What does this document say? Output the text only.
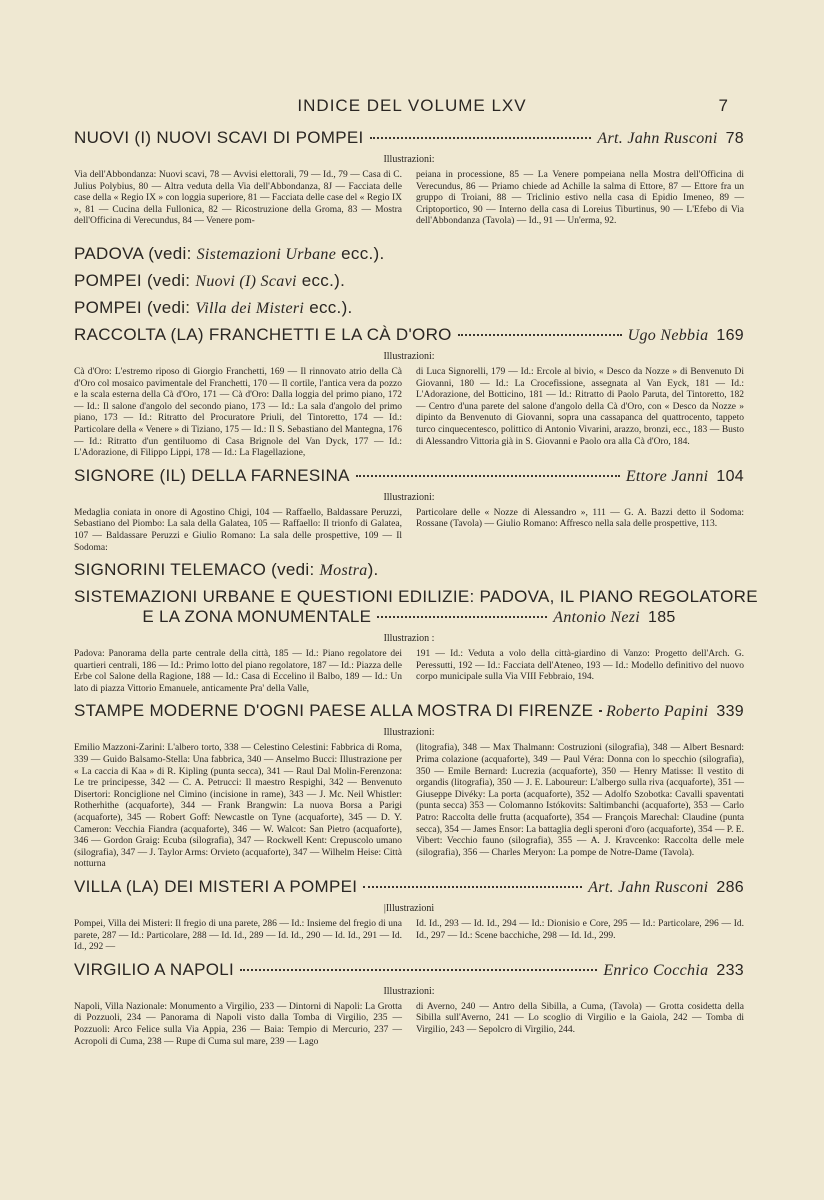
INDICE DEL VOLUME LXV	7
NUOVI (I) NUOVI SCAVI DI POMPEI	Art. Jahn Rusconi 78
Illustrazioni:
Via dell'Abbondanza: Nuovi scavi, 78 — Avvisi elettorali, 79 — Id., 79 — Casa di C. Julius Polybius, 80 — Altra veduta della Via dell'Abbondanza, 8J — Facciata delle case della « Regio IX » con loggia superiore, 81 — Facciata delle case del « Regio IX », 81 — Cucina della Fullonica, 82 — Ricostruzione della Groma, 83 — Mostra dell'Officina di Verecundus, 84 — Venere pom-
peiana in processione, 85 — La Venere pompeiana nella Mostra dell'Officina di Verecundus, 86 — Priamo chiede ad Achille la salma di Ettore, 87 — Ettore fra un gruppo di Troiani, 88 — Triclinio estivo nella casa di Epidio Imeneo, 89 — Criptoportico, 90 — Interno della casa di Loreius Tiburtinus, 90 — L'Efebo di Via dell'Abbondanza (Tavola) — Id., 91 — Un'erma, 92.
PADOVA (vedi: Sistemazioni Urbane ecc.).
POMPEI (vedi: Nuovi (I) Scavi ecc.).
POMPEI (vedi: Villa dei Misteri ecc.).
RACCOLTA (LA) FRANCHETTI E LA CÀ D'ORO	Ugo Nebbia 169
Illustrazioni:
Cà d'Oro: L'estremo riposo di Giorgio Franchetti, 169 — Il rinnovato atrio della Cà d'Oro col mosaico pavimentale del Franchetti, 170 — Il cortile, l'antica vera da pozzo e la scala esterna della Cà d'Oro, 171 — Cà d'Oro: Dalla loggia del primo piano, 172 — Id.: Il salone d'angolo del secondo piano, 173 — Id.: La sala d'angolo del primo piano, 173 — Id.: Ritratto del Procuratore Priuli, del Tintoretto, 174 — Id.: Particolare della « Venere » di Tiziano, 175 — Id.: Il S. Sebastiano del Mantegna, 176 — Id.: Ritratto d'un gentiluomo di Casa Brignole del Van Dyck, 177 — Id.: L'Adorazione, di Filippo Lippi, 178 — Id.: La Flagellazione,
di Luca Signorelli, 179 — Id.: Ercole al bivio, « Desco da Nozze » di Benvenuto Di Giovanni, 180 — Id.: La Crocefissione, assegnata al Van Eyck, 181 — Id.: L'Adorazione, del Botticino, 181 — Id.: Ritratto di Paolo Paruta, del Tintoretto, 182 — Centro d'una parete del salone d'angolo della Cà d'Oro, con « Desco da Nozze » dipinto da Benvenuto di Giovanni, sopra una cassapanca del quattrocento, tappeto turco cinquecentesco, polittico di Antonio Vivarini, arazzo, bronzi, ecc., 183 — Busto di Alessandro Vittoria già in S. Giovanni e Paolo ora alla Cà d'Oro, 184.
SIGNORE (IL) DELLA FARNESINA	Ettore Janni 104
Illustrazioni:
Medaglia coniata in onore di Agostino Chigi, 104 — Raffaello, Baldassare Peruzzi, Sebastiano del Piombo: La sala della Galatea, 105 — Raffaello: Il trionfo di Galatea, 107 — Baldassare Peruzzi e Giulio Romano: La sala delle prospettive, 109 — Il Sodoma:
Particolare delle « Nozze di Alessandro », 111 — G. A. Bazzi detto il Sodoma: Rossane (Tavola) — Giulio Romano: Affresco nella sala delle prospettive, 113.
SIGNORINI TELEMACO (vedi: Mostra).
SISTEMAZIONI URBANE E QUESTIONI EDILIZIE: PADOVA, IL PIANO REGOLATORE
E LA ZONA MONUMENTALE	Antonio Nezi 185
Illustrazion :
Padova: Panorama della parte centrale della città, 185 — Id.: Piano regolatore dei quartieri centrali, 186 — Id.: Primo lotto del piano regolatore, 187 — Id.: Piazza delle Erbe col Salone della Ragione, 188 — Id.: Casa di Eccelino il Balbo, 189 — Id.: Un lato di piazza Vittorio Emanuele, anticamente Pra' della Valle,
191 — Id.: Veduta a volo della città-giardino di Vanzo: Progetto dell'Arch. G. Peressutti, 192 — Id.: Facciata dell'Ateneo, 193 — Id.: Modello definitivo del nuovo corpo municipale sulla Via VIII Febbraio, 194.
STAMPE MODERNE D'OGNI PAESE ALLA MOSTRA DI FIRENZE Roberto Papini 339
Illustrazioni:
Emilio Mazzoni-Zarini: L'albero torto, 338 — Celestino Celestini: Fabbrica di Roma, 339 — Guido Balsamo-Stella: Una fabbrica, 340 — Anselmo Bucci: Illustrazione per « La caccia di Kaa » di R. Kipling (punta secca), 341 — Raul Dal Molin-Ferenzona: Le tre principesse, 342 — C. A. Petrucci: Il maestro Respighi, 342 — Benvenuto Disertori: Ronciglione nel Cimino (incisione in rame), 343 — J. Mc. Neil Whistler: Rotherhithe (acquaforte), 344 — Frank Brangwin: La nuova Borsa a Parigi (acquaforte), 345 — Robert Goff: Newcastle on Tyne (acquaforte), 345 — D. Y. Cameron: Vecchia Fiandra (acquaforte), 346 — W. Walcot: San Pietro (acquaforte), 346 — Gordon Graig: Ecuba (silografia), 347 — Rockwell Kent: Crepuscolo umano (silografia), 347 — J. Taylor Arms: Orvieto (acquaforte), 347 — Wilhelm Heise: Città notturna
(litografia), 348 — Max Thalmann: Costruzioni (silografia), 348 — Albert Besnard: Prima colazione (acquaforte), 349 — Paul Véra: Donna con lo specchio (silografia), 350 — Emile Bernard: Lucrezia (acquaforte), 350 — Henry Matisse: Il vestito di organdis (litografia), 350 — J. E. Laboureur: L'albergo sulla riva (acquaforte), 351 — Giuseppe Divéky: La porta (acquaforte), 352 — Adolfo Szobotka: Cavalli spaventati (punta secca) 353 — Colomanno Istókovits: Saltimbanchi (acquaforte), 353 — Carlo Patro: Raccolta delle frutta (acquaforte), 354 — François Marechal: Claudine (punta secca), 354 — James Ensor: La battaglia degli speroni d'oro (acquaforte), 354 — P. E. Vibert: Vecchio fauno (silografia), 355 — A. J. Kravcenko: Raccolta delle mele (silografia), 356 — Charles Meryon: La pompe de Notre-Dame (Tavola).
VILLA (LA) DEI MISTERI A POMPEI	Art. Jahn Rusconi 286
|Illustrazioni
Pompei, Villa dei Misteri: Il fregio di una parete, 286 — Id.: Insieme del fregio di una parete, 287 — Id.: Particolare, 288 — Id. Id., 289 — Id. Id., 290 — Id. Id., 291 — Id. Id., 292 —
Id. Id., 293 — Id. Id., 294 — Id.: Dionisio e Core, 295 — Id.: Particolare, 296 — Id. Id., 297 — Id.: Scene bacchiche, 298 — Id. Id., 299.
VIRGILIO A NAPOLI	Enrico Cocchia 233
Illustrazioni:
Napoli, Villa Nazionale: Monumento a Virgilio, 233 — Dintorni di Napoli: La Grotta di Pozzuoli, 234 — Panorama di Napoli visto dalla Tomba di Virgilio, 235 — Pozzuoli: Arco Felice sulla Via Appia, 236 — Baia: Tempio di Mercurio, 237 — Acropoli di Cuma, 238 — Rupe di Cuma sul mare, 239 — Lago
di Averno, 240 — Antro della Sibilla, a Cuma, (Tavola) — Grotta cosidetta della Sibilla sull'Averno, 241 — Lo scoglio di Virgilio e la Gaiola, 242 — Tomba di Virgilio, 243 — Sepolcro di Virgilio, 244.
